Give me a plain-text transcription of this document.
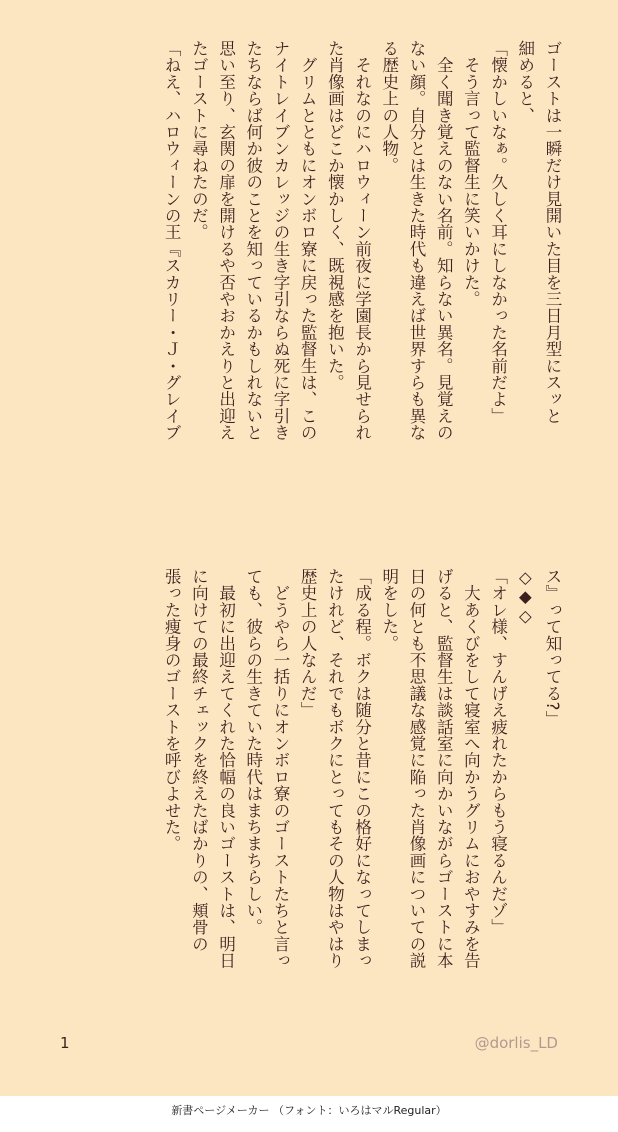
ゴーストは一瞬だけ見開いた目を三日月型にスッと
細めると、
「懐かしいなぁ。久しく耳にしなかった名前だよ」
　そう言って監督生に笑いかけた。
　全く聞き覚えのない名前。知らない異名。見覚えの
ない顔。自分とは生きた時代も違えば世界すらも異な
る歴史上の人物。
　それなのにハロウィーン前夜に学園長から見せられ
た肖像画はどこか懐かしく、既視感を抱いた。
　グリムとともにオンボロ寮に戻った監督生は、この
ナイトレイブンカレッジの生き字引ならぬ死に字引き
たちならば何か彼のことを知っているかもしれないと
思い至り、玄関の扉を開けるや否やおかえりと出迎え
たゴーストに尋ねたのだ。
「ねえ、ハロウィーンの王『スカリー・Ｊ・グレイブ
ス』って知ってる?」
◇◆◇
「オレ様、すんげえ疲れたからもう寝るんだゾ」
　大あくびをして寝室へ向かうグリムにおやすみを告
げると、監督生は談話室に向かいながらゴーストに本
日の何とも不思議な感覚に陥った肖像画についての説
明をした。
「成る程。ボクは随分と昔にこの格好になってしまっ
たけれど、それでもボクにとってもその人物はやはり
歴史上の人なんだ」
　どうやら一括りにオンボロ寮のゴーストたちと言っ
ても、彼らの生きていた時代はまちまちらしい。
　最初に出迎えてくれた恰幅の良いゴーストは、明日
に向けての最終チェックを終えたばかりの、頬骨の
張った痩身のゴーストを呼びよせた。
1	@dorlis_LD
新書ページメーカー （フォント：いろはマルRegular）
